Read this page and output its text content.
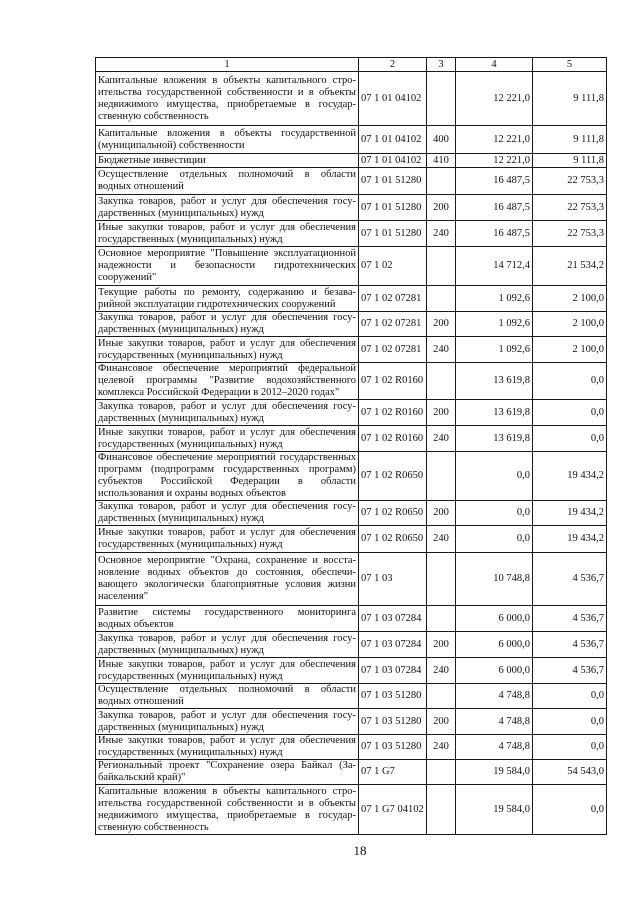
1	2	3	4	5
Капитальные вложения в объекты капитального строительства государственной собственности и в объекты недвижимого имущества, приобретаемые в государственную собственность	07 1 01 04102		12 221,0	9 111,8
Капитальные вложения в объекты государственной (муниципальной) собственности	07 1 01 04102	400	12 221,0	9 111,8
Бюджетные инвестиции	07 1 01 04102	410	12 221,0	9 111,8
Осуществление отдельных полномочий в области водных отношений	07 1 01 51280		16 487,5	22 753,3
Закупка товаров, работ и услуг для обеспечения государственных (муниципальных) нужд	07 1 01 51280	200	16 487,5	22 753,3
Иные закупки товаров, работ и услуг для обеспечения государственных (муниципальных) нужд	07 1 01 51280	240	16 487,5	22 753,3
Основное мероприятие "Повышение эксплуатационной надежности и безопасности гидротехнических сооружений"	07 1 02		14 712,4	21 534,2
Текущие работы по ремонту, содержанию и безаварийной эксплуатации гидротехнических сооружений	07 1 02 07281		1 092,6	2 100,0
Закупка товаров, работ и услуг для обеспечения государственных (муниципальных) нужд	07 1 02 07281	200	1 092,6	2 100,0
Иные закупки товаров, работ и услуг для обеспечения государственных (муниципальных) нужд	07 1 02 07281	240	1 092,6	2 100,0
Финансовое обеспечение мероприятий федеральной целевой программы "Развитие водохозяйственного комплекса Российской Федерации в 2012–2020 годах"	07 1 02 R0160		13 619,8	0,0
Закупка товаров, работ и услуг для обеспечения государственных (муниципальных) нужд	07 1 02 R0160	200	13 619,8	0,0
Иные закупки товаров, работ и услуг для обеспечения государственных (муниципальных) нужд	07 1 02 R0160	240	13 619,8	0,0
Финансовое обеспечение мероприятий государственных программ (подпрограмм государственных программ) субъектов Российской Федерации в области использования и охраны водных объектов	07 1 02 R0650		0,0	19 434,2
Закупка товаров, работ и услуг для обеспечения государственных (муниципальных) нужд	07 1 02 R0650	200	0,0	19 434,2
Иные закупки товаров, работ и услуг для обеспечения государственных (муниципальных) нужд	07 1 02 R0650	240	0,0	19 434,2
Основное мероприятие "Охрана, сохранение и восстановление водных объектов до состояния, обеспечивающего экологически благоприятные условия жизни населения"	07 1 03		10 748,8	4 536,7
Развитие системы государственного мониторинга водных объектов	07 1 03 07284		6 000,0	4 536,7
Закупка товаров, работ и услуг для обеспечения государственных (муниципальных) нужд	07 1 03 07284	200	6 000,0	4 536,7
Иные закупки товаров, работ и услуг для обеспечения государственных (муниципальных) нужд	07 1 03 07284	240	6 000,0	4 536,7
Осуществление отдельных полномочий в области водных отношений	07 1 03 51280		4 748,8	0,0
Закупка товаров, работ и услуг для обеспечения государственных (муниципальных) нужд	07 1 03 51280	200	4 748,8	0,0
Иные закупки товаров, работ и услуг для обеспечения государственных (муниципальных) нужд	07 1 03 51280	240	4 748,8	0,0
Региональный проект "Сохранение озера Байкал (Забайкальский край)"	07 1 G7		19 584,0	54 543,0
Капитальные вложения в объекты капитального строительства государственной собственности и в объекты недвижимого имущества, приобретаемые в государственную собственность	07 1 G7 04102		19 584,0	0,0
18
